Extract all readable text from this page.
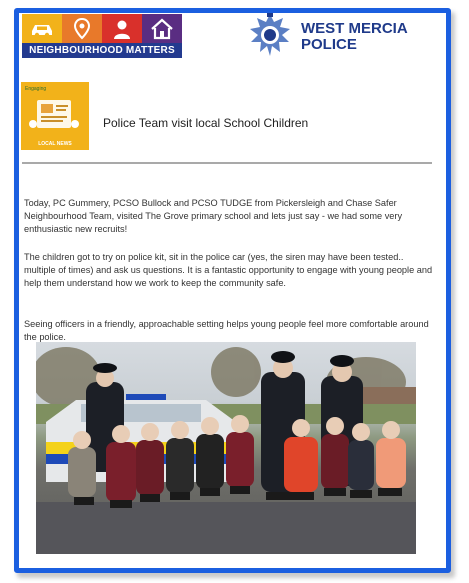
NEIGHBOURHOOD MATTERS
WEST MERCIA
POLICE
Engaging
LOCAL NEWS
Police Team visit local School Children
Today, PC Gummery, PCSO Bullock and PCSO TUDGE from Pickersleigh and Chase Safer Neighbourhood Team, visited The Grove primary school and lets just say - we had some very enthusiastic new recruits!
The children got to try on police kit, sit in the police car (yes, the siren may have been tested.. multiple of times) and ask us questions. It is a fantastic opportunity to engage with young people and help them understand how we work to keep the community safe.
Seeing officers in a friendly, approachable setting helps young people feel more comfortable around the police.
